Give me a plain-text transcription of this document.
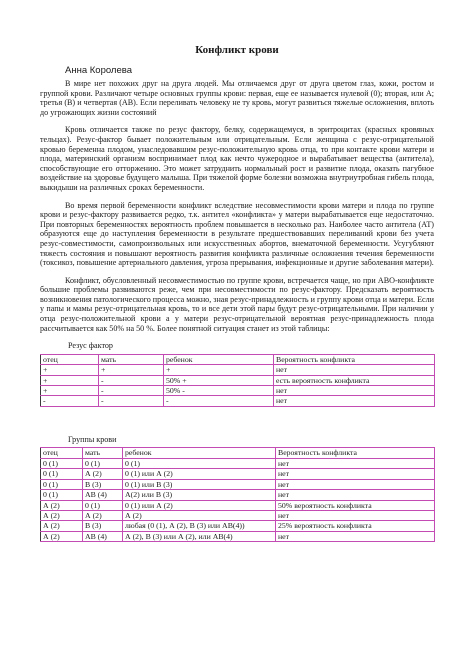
Конфликт крови
Анна Королева

В мире нет похожих друг на друга людей. Мы отличаемся друг от друга цветом глаз, кожи, ростом и группой крови. Различают четыре основных группы крови: первая, еще ее называется нулевой (0); вторая, или А; третья (В) и четвертая (АВ). Если переливать человеку не ту кровь, могут развиться тяжелые осложнения, вплоть до угрожающих жизни состояний

Кровь отличается также по резус фактору, белку, содержащемуся, в эритроцитах (красных кровяных тельцах). Резус-фактор бывает положительным или отрицательным. Если женщина с резус-отрицательной кровью беременна плодом, унаследовавшим резус-положительную кровь отца, то при контакте крови матери и плода, материнский организм воспринимает плод как нечто чужеродное и вырабатывает вещества (антитела), способствующие его отторжению. Это может затруднить нормальный рост и развитие плода, оказать пагубное воздействие на здоровье будущего малыша. При тяжелой форме болезни возможна внутриутробная гибель плода, выкидыши на различных сроках беременности.

Во время первой беременности конфликт вследствие несовместимости крови матери и плода по группе крови и резус-фактору развивается редко, т.к. антител «конфликта» у матери вырабатывается еще недостаточно. При повторных беременностях вероятность проблем повышается в несколько раз. Наиболее часто антитела (АТ) образуются еще до наступления беременности в результате предшествовавших переливаний крови без учета резус-совместимости, самопроизвольных или искусственных абортов, внематочной беременности. Усугубляют тяжесть состояния и повышают вероятность развития конфликта различные осложнения течения беременности (токсикоз, повышение артериального давления, угроза прерывания, инфекционные и другие заболевания матери).

Конфликт, обусловленный несовместимостью по группе крови, встречается чаще, но при АВО-конфликте большие проблемы развиваются реже, чем при несовместимости по резус-фактору. Предсказать вероятность возникновения патологического процесса можно, зная резус-принадлежность и группу крови отца и матери. Если у папы и мамы резус-отрицательная кровь, то и все дети этой пары будут резус-отрицательными. При наличии у отца резус-положительной крови а у матери резус-отрицательной вероятная резус-принадлежность плода рассчитывается как 50% на 50 %. Более понятной ситуация станет из этой таблицы:

Резус фактор
отец	мать	ребенок	Вероятность конфликта
+	+	+	нет
+	-	50% +	есть вероятность конфликта
+	-	50% -	нет
-	-	-	нет
Группы крови
отец	мать	ребенок	Вероятность конфликта
0 (1)	0 (1)	0 (1)	нет
0 (1)	А (2)	0 (1) или А (2)	нет
0 (1)	В (3)	0 (1) или В (3)	нет
0 (1)	АВ (4)	А(2) или В (3)	нет
А (2)	0 (1)	0 (1) или А (2)	50% вероятность конфликта
А (2)	А (2)	А (2)	нет
А (2)	В (3)	любая (0 (1), А (2), В (3) или АВ(4))	25% вероятность конфликта
А (2)	АВ (4)	А (2), В (3) или А (2), или АВ(4)	нет
